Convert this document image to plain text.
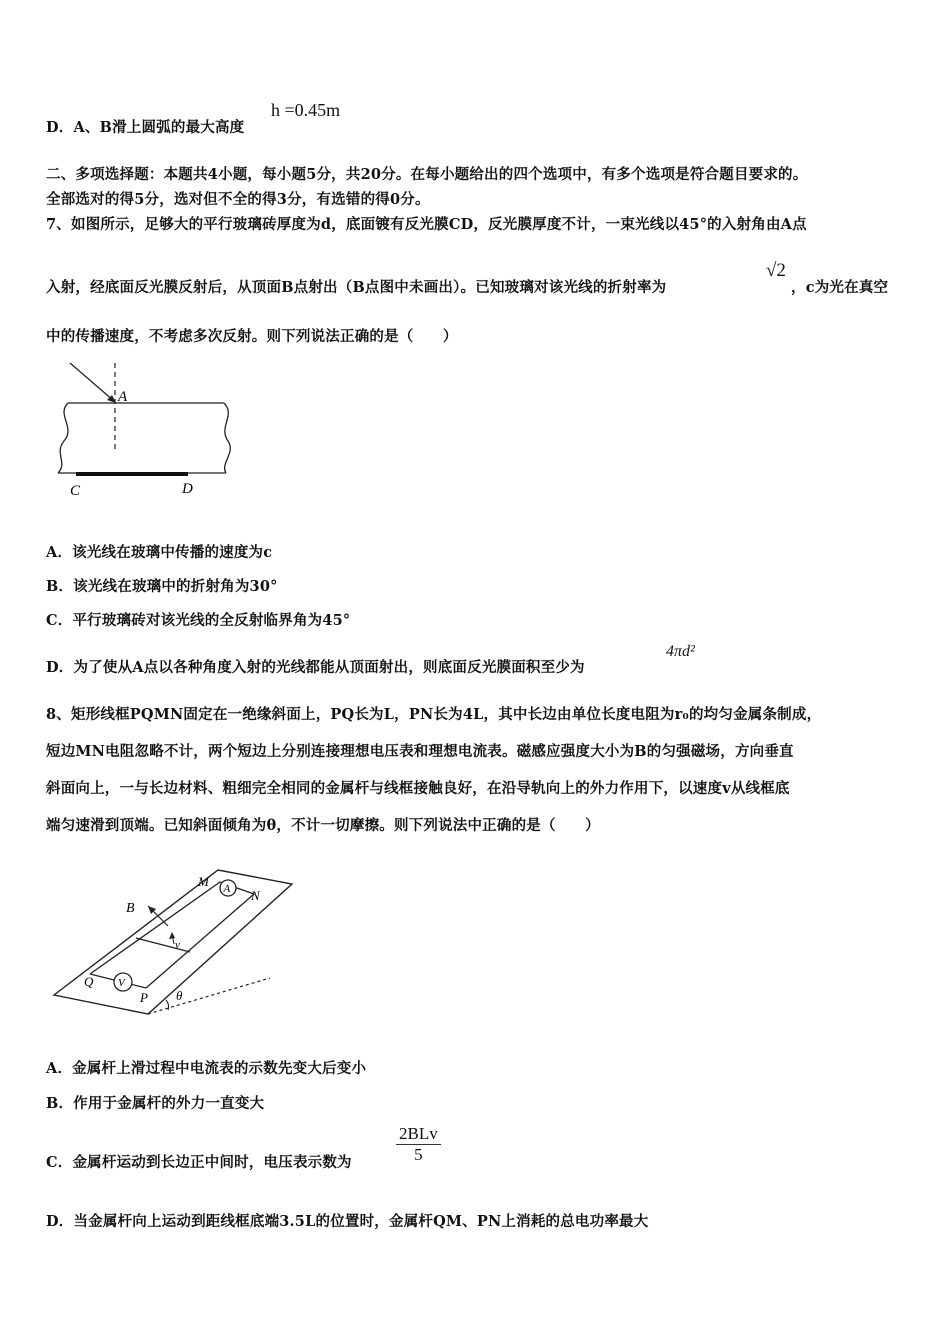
D．A、B滑上圆弧的最大高度
h =0.45m
二、多项选择题：本题共4小题，每小题5分，共20分。在每小题给出的四个选项中，有多个选项是符合题目要求的。
全部选对的得5分，选对但不全的得3分，有选错的得0分。
7、如图所示，足够大的平行玻璃砖厚度为d，底面镀有反光膜CD，反光膜厚度不计，一束光线以45°的入射角由A点
入射，经底面反光膜反射后，从顶面B点射出（B点图中未画出）。已知玻璃对该光线的折射率为
√2
，c为光在真空
中的传播速度，不考虑多次反射。则下列说法正确的是（　　）
A
C	D
A．该光线在玻璃中传播的速度为c
B．该光线在玻璃中的折射角为30°
C．平行玻璃砖对该光线的全反射临界角为45°
D．为了使从A点以各种角度入射的光线都能从顶面射出，则底面反光膜面积至少为
4πd²
8、矩形线框PQMN固定在一绝缘斜面上，PQ长为L，PN长为4L，其中长边由单位长度电阻为r₀的均匀金属条制成，
短边MN电阻忽略不计，两个短边上分别连接理想电压表和理想电流表。磁感应强度大小为B的匀强磁场，方向垂直
斜面向上，一与长边材料、粗细完全相同的金属杆与线框接触良好，在沿导轨向上的外力作用下，以速度v从线框底
端匀速滑到顶端。已知斜面倾角为θ，不计一切摩擦。则下列说法中正确的是（　　）
A
V
B
M
N
Q
P
v
θ
A．金属杆上滑过程中电流表的示数先变大后变小
B．作用于金属杆的外力一直变大
C．金属杆运动到长边正中间时，电压表示数为
2BLv
5
D．当金属杆向上运动到距线框底端3.5L的位置时，金属杆QM、PN上消耗的总电功率最大
